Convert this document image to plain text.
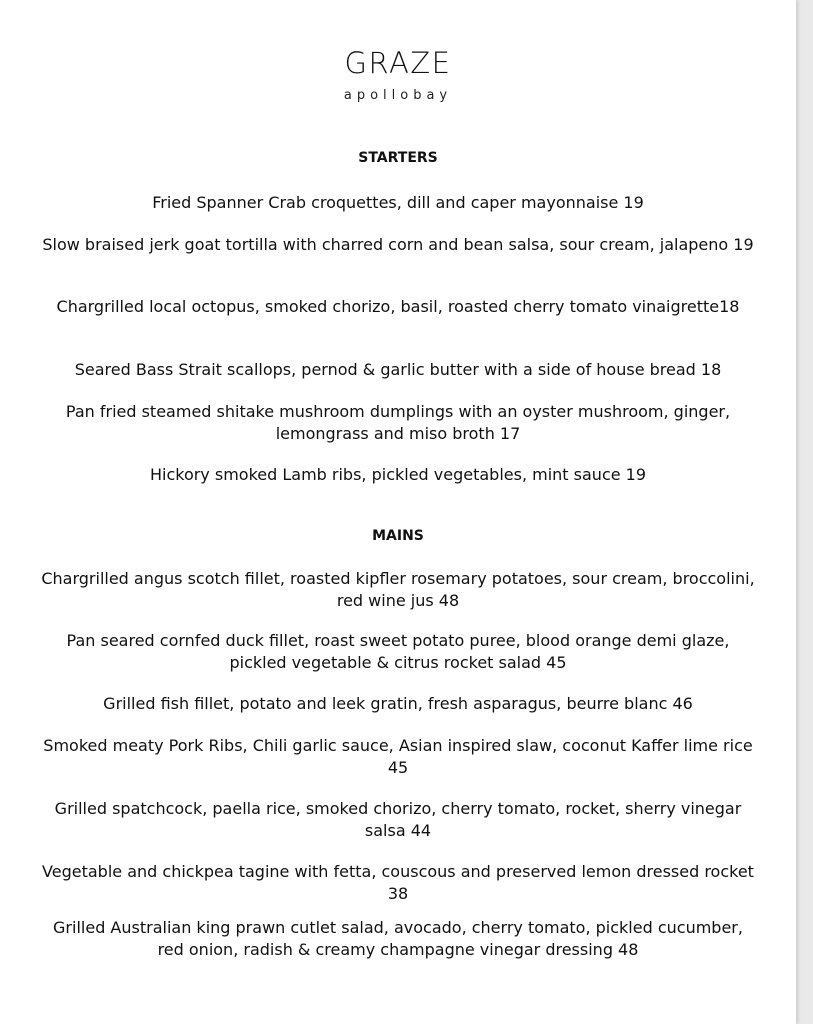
GRAZE
apollobay
STARTERS
Fried Spanner Crab croquettes, dill and caper mayonnaise 19
Slow braised jerk goat tortilla with charred corn and bean salsa, sour cream, jalapeno 19
Chargrilled local octopus, smoked chorizo, basil, roasted cherry tomato vinaigrette18
Seared Bass Strait scallops, pernod & garlic butter with a side of house bread 18
Pan fried steamed shitake mushroom dumplings with an oyster mushroom, ginger, lemongrass and miso broth 17
Hickory smoked Lamb ribs, pickled vegetables, mint sauce 19
MAINS
Chargrilled angus scotch fillet, roasted kipfler rosemary potatoes, sour cream, broccolini, red wine jus 48
Pan seared cornfed duck fillet, roast sweet potato puree, blood orange demi glaze, pickled vegetable & citrus rocket salad 45
Grilled fish fillet, potato and leek gratin, fresh asparagus, beurre blanc 46
Smoked meaty Pork Ribs, Chili garlic sauce, Asian inspired slaw, coconut Kaffer lime rice 45
Grilled spatchcock, paella rice, smoked chorizo, cherry tomato, rocket, sherry vinegar salsa 44
Vegetable and chickpea tagine with fetta, couscous and preserved lemon dressed rocket 38
Grilled Australian king prawn cutlet salad, avocado, cherry tomato, pickled cucumber, red onion, radish & creamy champagne vinegar dressing 48
